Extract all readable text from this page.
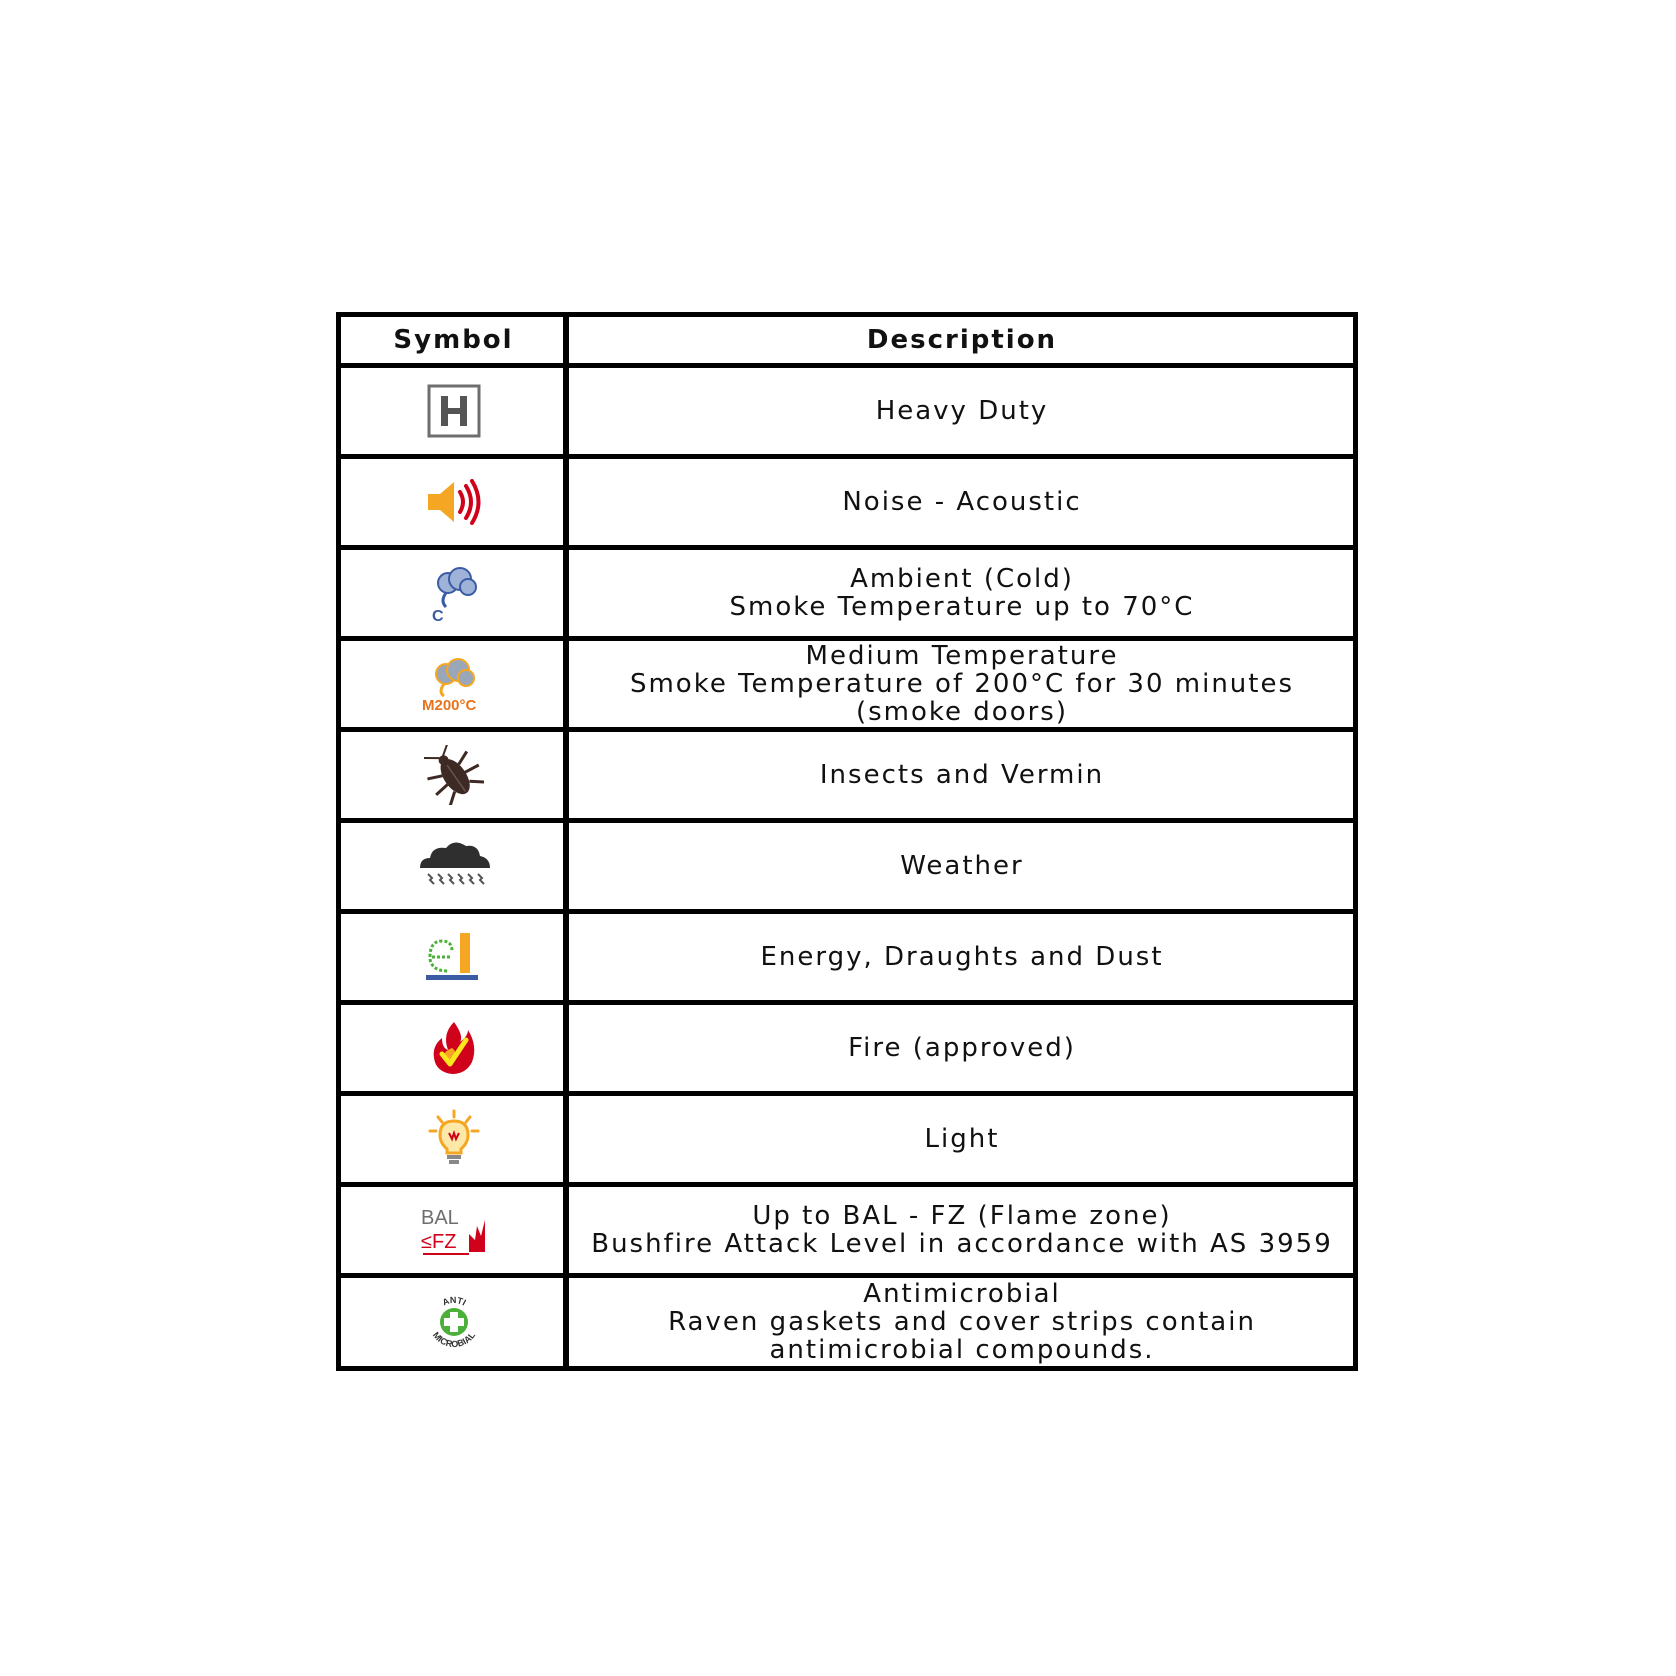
Symbol	Description
Heavy Duty
Noise - Acoustic
C
Ambient (Cold)
Smoke Temperature up to 70°C
M200°C
Medium Temperature
Smoke Temperature of 200°C for 30 minutes
(smoke doors)
Insects and Vermin
Weather
Energy, Draughts and Dust
Fire (approved)
Light
BAL
≤FZ
Up to BAL - FZ (Flame zone)
Bushfire Attack Level in accordance with AS 3959
ANTI
MICROBIAL
Antimicrobial
Raven gaskets and cover strips contain
antimicrobial compounds.
